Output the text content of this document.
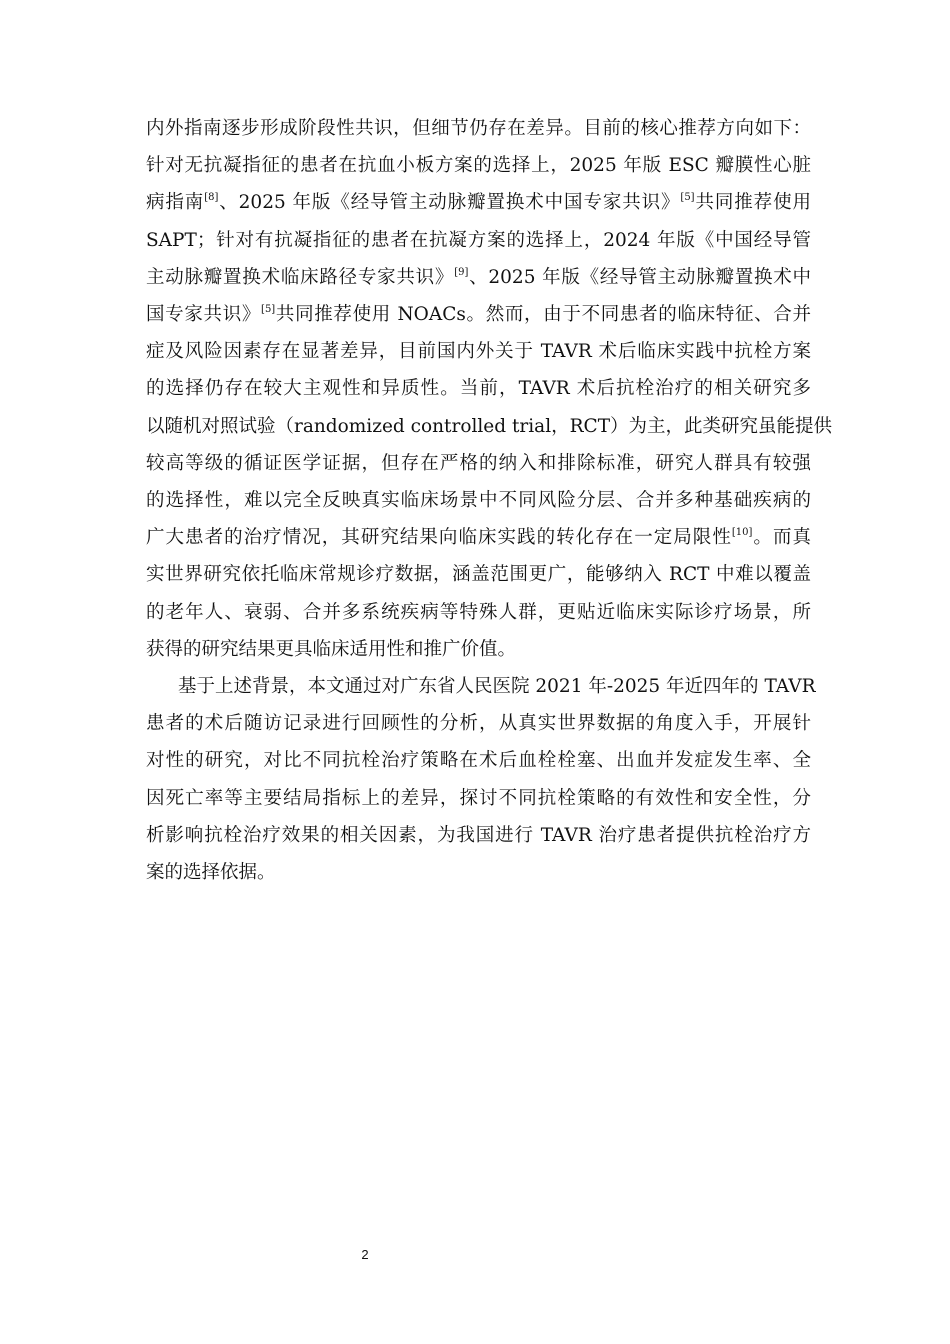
内外指南逐步形成阶段性共识，但细节仍存在差异。目前的核心推荐方向如下：
针对无抗凝指征的患者在抗血小板方案的选择上，2025 年版 ESC 瓣膜性心脏
病指南[8]、2025 年版《经导管主动脉瓣置换术中国专家共识》[5]共同推荐使用
SAPT；针对有抗凝指征的患者在抗凝方案的选择上，2024 年版《中国经导管
主动脉瓣置换术临床路径专家共识》[9]、2025 年版《经导管主动脉瓣置换术中
国专家共识》[5]共同推荐使用 NOACs。然而，由于不同患者的临床特征、合并
症及风险因素存在显著差异，目前国内外关于 TAVR 术后临床实践中抗栓方案
的选择仍存在较大主观性和异质性。当前，TAVR 术后抗栓治疗的相关研究多
以随机对照试验（randomized controlled trial，RCT）为主，此类研究虽能提供
较高等级的循证医学证据，但存在严格的纳入和排除标准，研究人群具有较强
的选择性，难以完全反映真实临床场景中不同风险分层、合并多种基础疾病的
广大患者的治疗情况，其研究结果向临床实践的转化存在一定局限性[10]。而真
实世界研究依托临床常规诊疗数据，涵盖范围更广，能够纳入 RCT 中难以覆盖
的老年人、衰弱、合并多系统疾病等特殊人群，更贴近临床实际诊疗场景，所
获得的研究结果更具临床适用性和推广价值。
基于上述背景，本文通过对广东省人民医院 2021 年-2025 年近四年的 TAVR
患者的术后随访记录进行回顾性的分析，从真实世界数据的角度入手，开展针
对性的研究，对比不同抗栓治疗策略在术后血栓栓塞、出血并发症发生率、全
因死亡率等主要结局指标上的差异，探讨不同抗栓策略的有效性和安全性，分
析影响抗栓治疗效果的相关因素，为我国进行 TAVR 治疗患者提供抗栓治疗方
案的选择依据。
2
